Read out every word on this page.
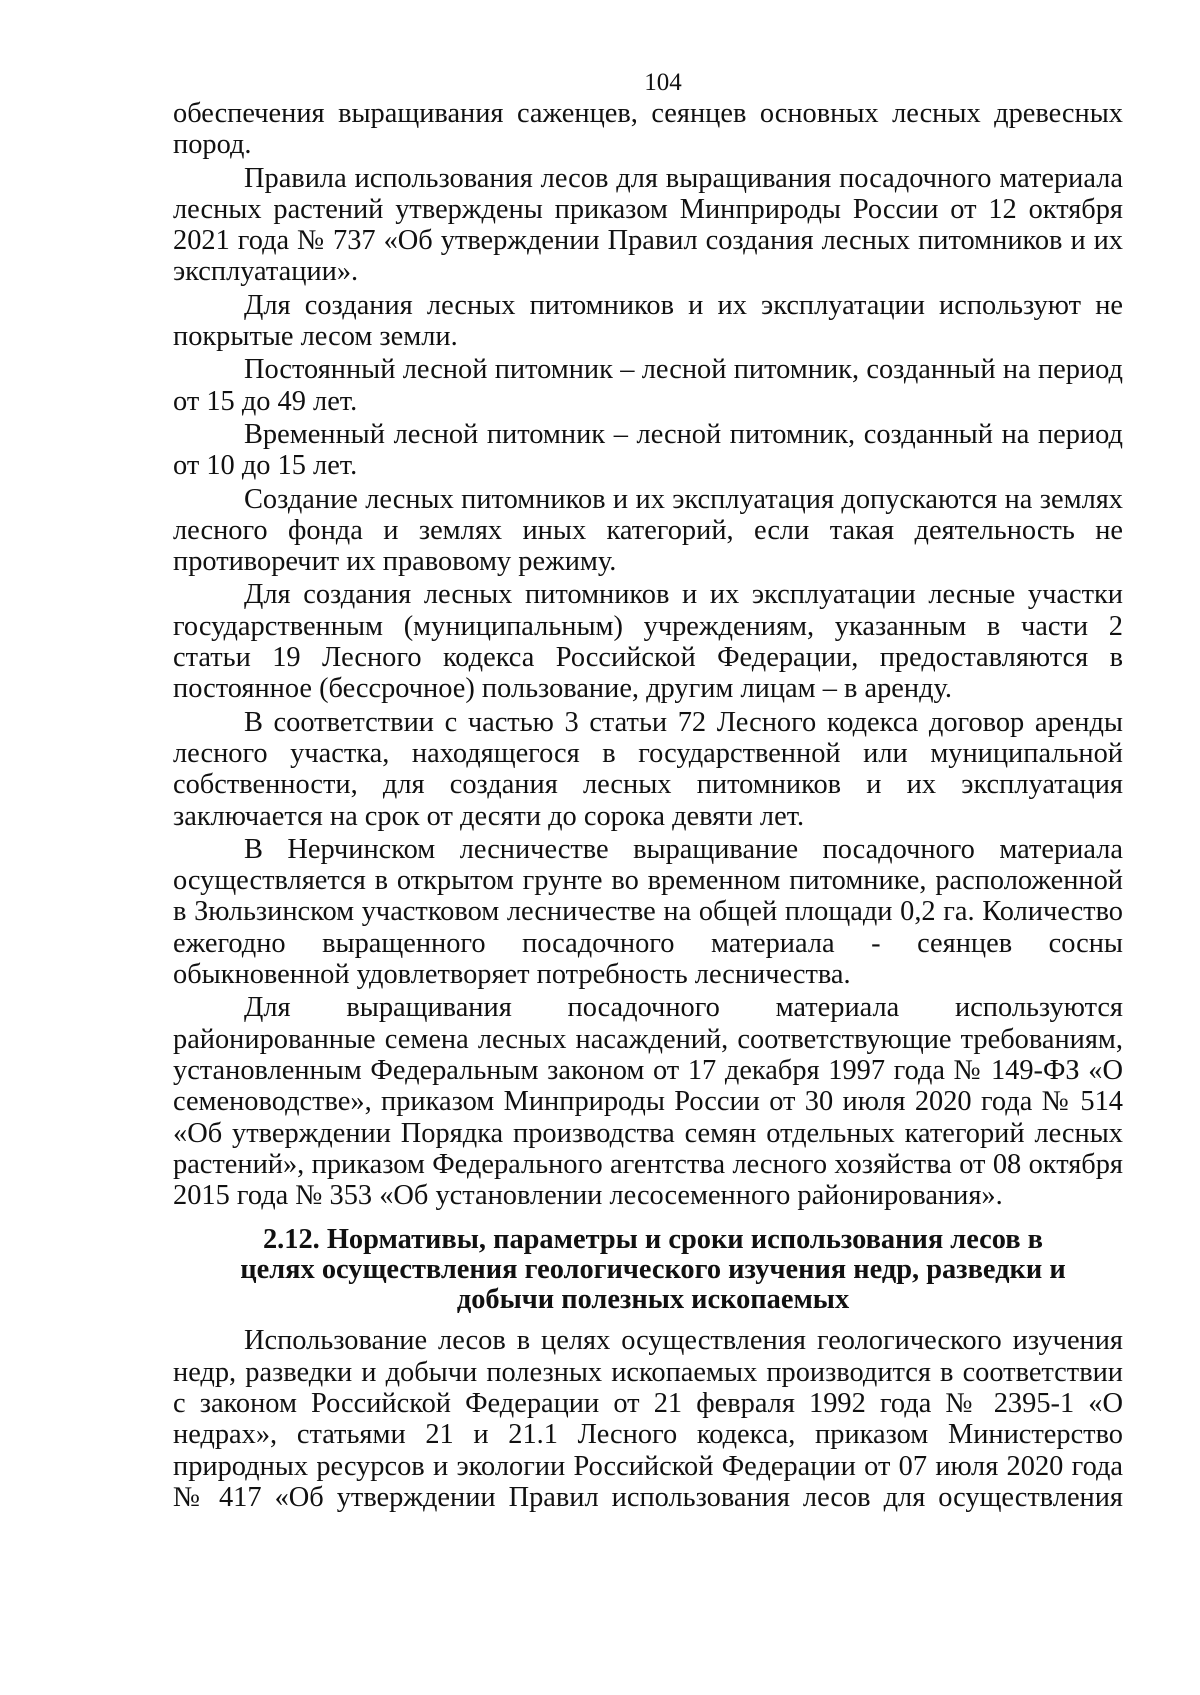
104

обеспечения выращивания саженцев, сеянцев основных лесных древесных пород.

Правила использования лесов для выращивания посадочного материала лесных растений утверждены приказом Минприроды России от 12 октября 2021 года № 737 «Об утверждении Правил создания лесных питомников и их эксплуатации».

Для создания лесных питомников и их эксплуатации используют не покрытые лесом земли.

Постоянный лесной питомник – лесной питомник, созданный на период от 15 до 49 лет.

Временный лесной питомник – лесной питомник, созданный на период от 10 до 15 лет.

Создание лесных питомников и их эксплуатация допускаются на землях лесного фонда и землях иных категорий, если такая деятельность не противоречит их правовому режиму.

Для создания лесных питомников и их эксплуатации лесные участки государственным (муниципальным) учреждениям, указанным в части 2 статьи 19 Лесного кодекса Российской Федерации, предоставляются в постоянное (бессрочное) пользование, другим лицам – в аренду.

В соответствии с частью 3 статьи 72 Лесного кодекса договор аренды лесного участка, находящегося в государственной или муниципальной собственности, для создания лесных питомников и их эксплуатация заключается на срок от десяти до сорока девяти лет.

В Нерчинском лесничестве выращивание посадочного материала осуществляется в открытом грунте во временном питомнике, расположенной в Зюльзинском участковом лесничестве на общей площади 0,2 га. Количество ежегодно выращенного посадочного материала - сеянцев сосны обыкновенной удовлетворяет потребность лесничества.

Для выращивания посадочного материала используются районированные семена лесных насаждений, соответствующие требованиям, установленным Федеральным законом от 17 декабря 1997 года № 149-ФЗ «О семеноводстве», приказом Минприроды России от 30 июля 2020 года № 514 «Об утверждении Порядка производства семян отдельных категорий лесных растений», приказом Федерального агентства лесного хозяйства от 08 октября 2015 года № 353 «Об установлении лесосеменного районирования».

2.12. Нормативы, параметры и сроки использования лесов в целях осуществления геологического изучения недр, разведки и добычи полезных ископаемых

Использование лесов в целях осуществления геологического изучения недр, разведки и добычи полезных ископаемых производится в соответствии с законом Российской Федерации от 21 февраля 1992 года № 2395-1 «О недрах», статьями 21 и 21.1 Лесного кодекса, приказом Министерство природных ресурсов и экологии Российской Федерации от 07 июля 2020 года № 417 «Об утверждении Правил использования лесов для осуществления
